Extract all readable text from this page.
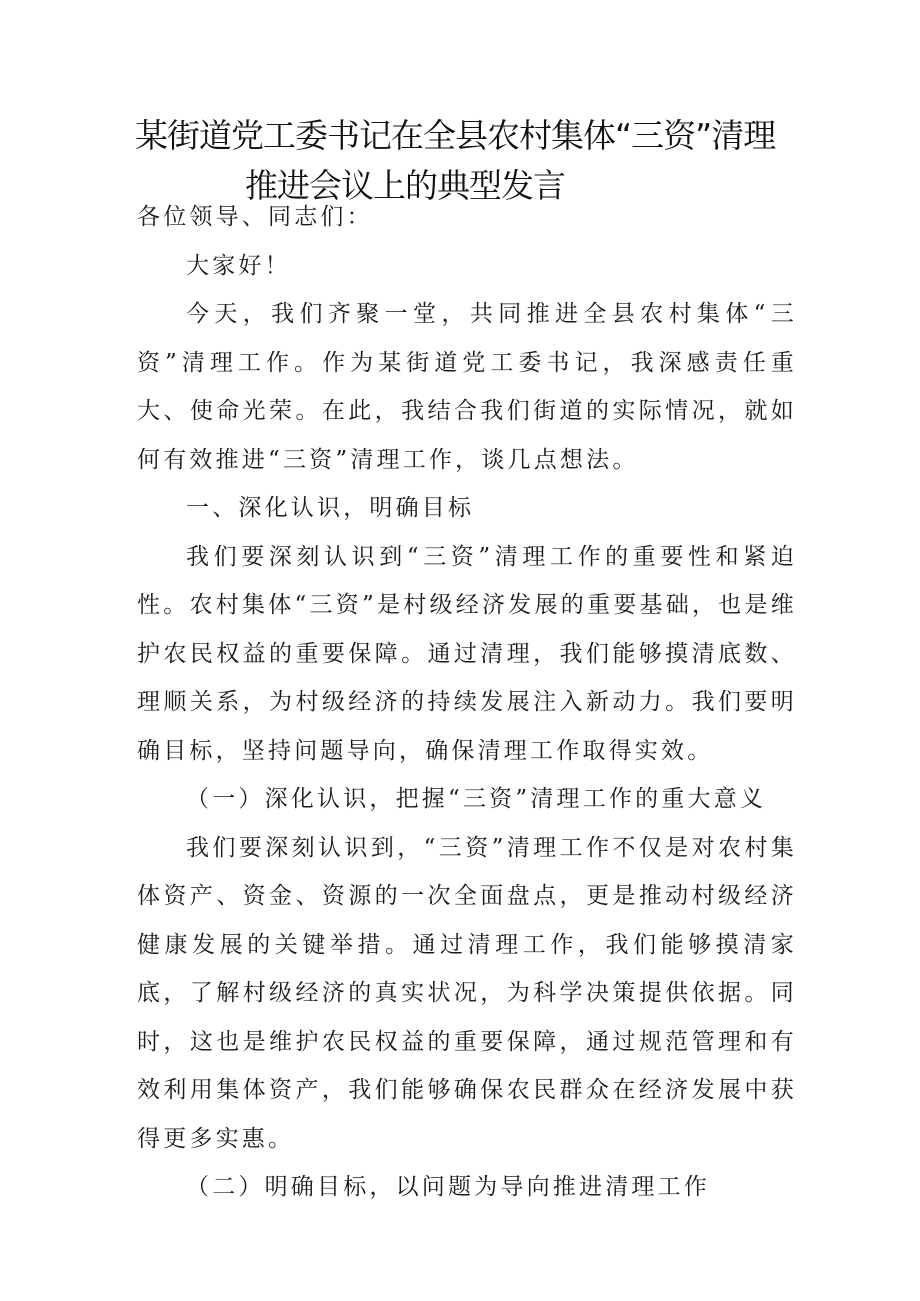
某街道党工委书记在全县农村集体“三资”清理
推进会议上的典型发言

各位领导、同志们：

大家好！

今天，我们齐聚一堂，共同推进全县农村集体“三资”清理工作。作为某街道党工委书记，我深感责任重大、使命光荣。在此，我结合我们街道的实际情况，就如何有效推进“三资”清理工作，谈几点想法。

一、深化认识，明确目标

我们要深刻认识到“三资”清理工作的重要性和紧迫性。农村集体“三资”是村级经济发展的重要基础，也是维护农民权益的重要保障。通过清理，我们能够摸清底数、理顺关系，为村级经济的持续发展注入新动力。我们要明确目标，坚持问题导向，确保清理工作取得实效。

（一）深化认识，把握“三资”清理工作的重大意义

我们要深刻认识到，“三资”清理工作不仅是对农村集体资产、资金、资源的一次全面盘点，更是推动村级经济健康发展的关键举措。通过清理工作，我们能够摸清家底，了解村级经济的真实状况，为科学决策提供依据。同时，这也是维护农民权益的重要保障，通过规范管理和有效利用集体资产，我们能够确保农民群众在经济发展中获得更多实惠。

（二）明确目标，以问题为导向推进清理工作
